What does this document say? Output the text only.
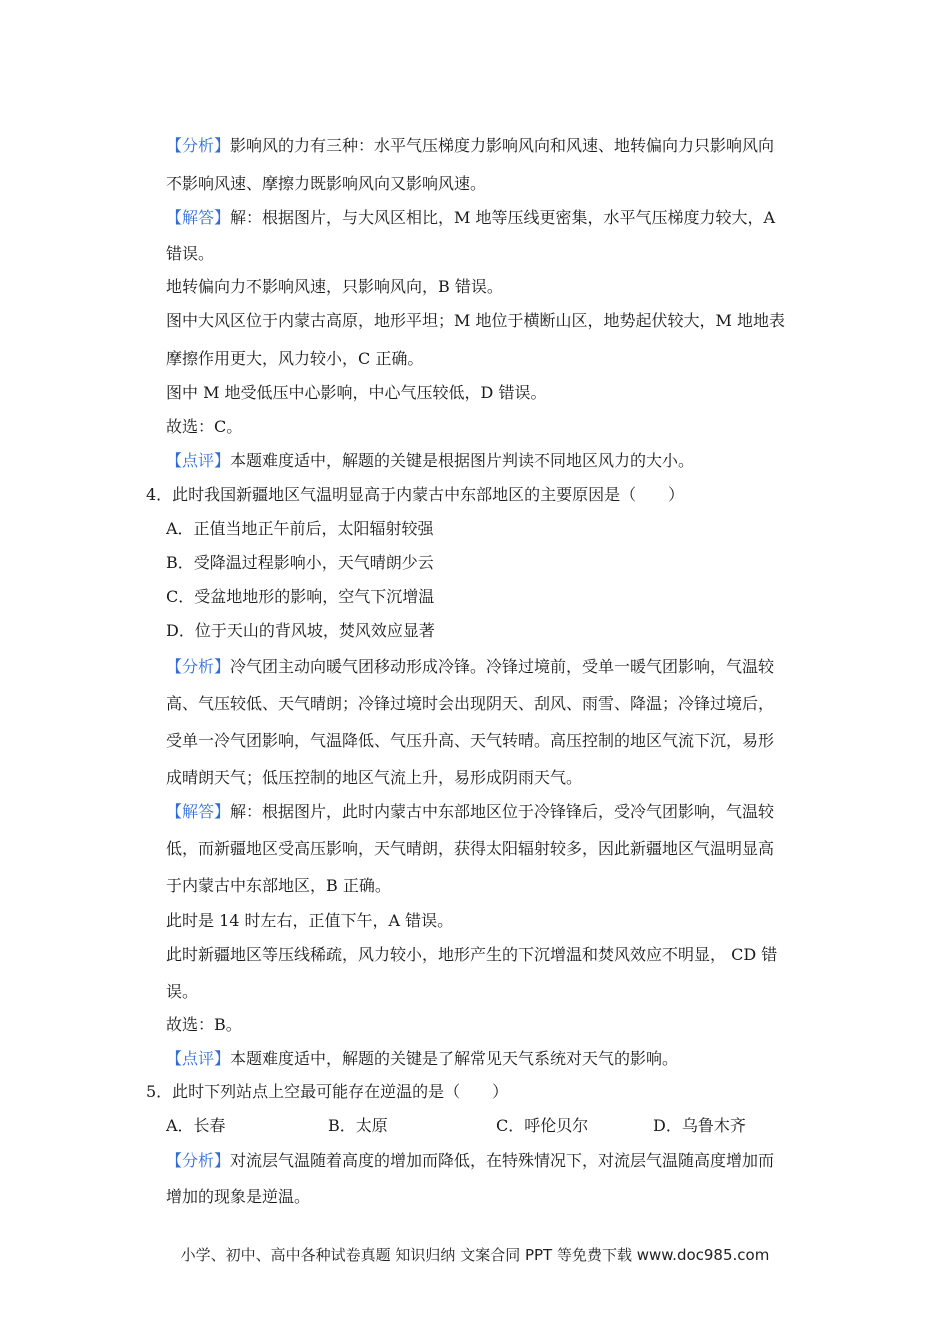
【分析】影响风的力有三种：水平气压梯度力影响风向和风速、地转偏向力只影响风向
不影响风速、摩擦力既影响风向又影响风速。
【解答】解：根据图片，与大风区相比，M 地等压线更密集，水平气压梯度力较大，A
错误。
地转偏向力不影响风速，只影响风向，B 错误。
图中大风区位于内蒙古高原，地形平坦；M 地位于横断山区，地势起伏较大，M 地地表
摩擦作用更大，风力较小，C 正确。
图中 M 地受低压中心影响，中心气压较低，D 错误。
故选：C。
【点评】本题难度适中，解题的关键是根据图片判读不同地区风力的大小。
4．此时我国新疆地区气温明显高于内蒙古中东部地区的主要原因是（　　）
A．正值当地正午前后，太阳辐射较强
B．受降温过程影响小，天气晴朗少云
C．受盆地地形的影响，空气下沉增温
D．位于天山的背风坡，焚风效应显著
【分析】冷气团主动向暖气团移动形成冷锋。冷锋过境前，受单一暖气团影响，气温较
高、气压较低、天气晴朗；冷锋过境时会出现阴天、刮风、雨雪、降温；冷锋过境后，
受单一冷气团影响，气温降低、气压升高、天气转晴。高压控制的地区气流下沉，易形
成晴朗天气；低压控制的地区气流上升，易形成阴雨天气。
【解答】解：根据图片，此时内蒙古中东部地区位于冷锋锋后，受冷气团影响，气温较
低，而新疆地区受高压影响，天气晴朗，获得太阳辐射较多，因此新疆地区气温明显高
于内蒙古中东部地区，B 正确。
此时是 14 时左右，正值下午，A 错误。
此时新疆地区等压线稀疏，风力较小，地形产生的下沉增温和焚风效应不明显， CD 错
误。
故选：B。
【点评】本题难度适中，解题的关键是了解常见天气系统对天气的影响。
5．此时下列站点上空最可能存在逆温的是（　　）
A．长春	B．太原	C．呼伦贝尔	D．乌鲁木齐
【分析】对流层气温随着高度的增加而降低，在特殊情况下，对流层气温随高度增加而
增加的现象是逆温。
小学、初中、高中各种试卷真题 知识归纳 文案合同 PPT 等免费下载 www.doc985.com
